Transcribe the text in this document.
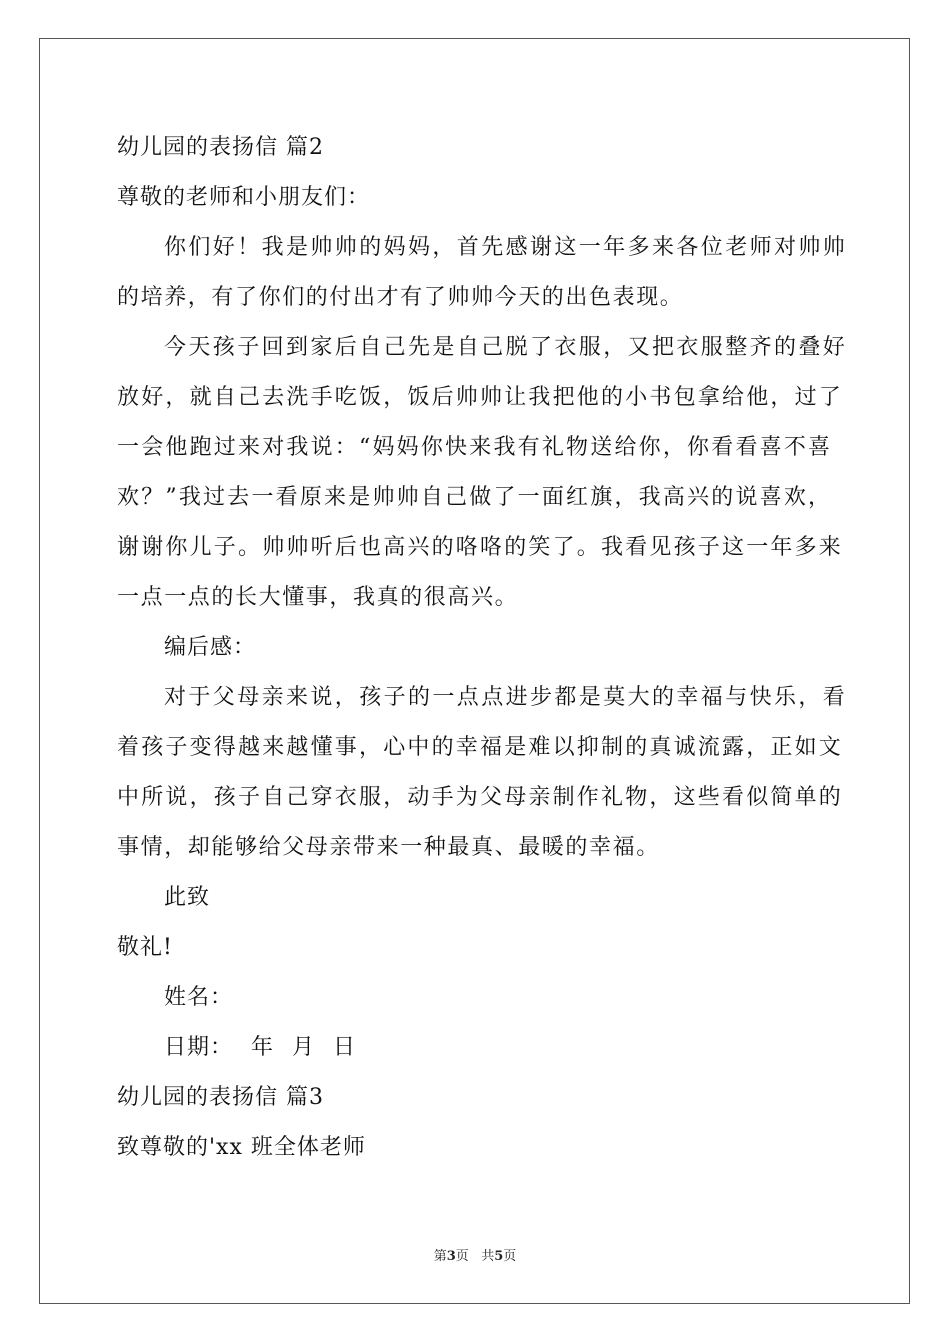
幼儿园的表扬信 篇2
尊敬的老师和小朋友们：
你们好！我是帅帅的妈妈，首先感谢这一年多来各位老师对帅帅
的培养，有了你们的付出才有了帅帅今天的出色表现。
今天孩子回到家后自己先是自己脱了衣服，又把衣服整齐的叠好
放好，就自己去洗手吃饭，饭后帅帅让我把他的小书包拿给他，过了
一会他跑过来对我说：“妈妈你快来我有礼物送给你，你看看喜不喜
欢？”我过去一看原来是帅帅自己做了一面红旗，我高兴的说喜欢，
谢谢你儿子。帅帅听后也高兴的咯咯的笑了。我看见孩子这一年多来
一点一点的长大懂事，我真的很高兴。
编后感：
对于父母亲来说，孩子的一点点进步都是莫大的幸福与快乐，看
着孩子变得越来越懂事，心中的幸福是难以抑制的真诚流露，正如文
中所说，孩子自己穿衣服，动手为父母亲制作礼物，这些看似简单的
事情，却能够给父母亲带来一种最真、最暖的幸福。
此致
敬礼!
姓名：
日期： 年 月 日
幼儿园的表扬信 篇3
致尊敬的'xx 班全体老师
第3页 共5页
